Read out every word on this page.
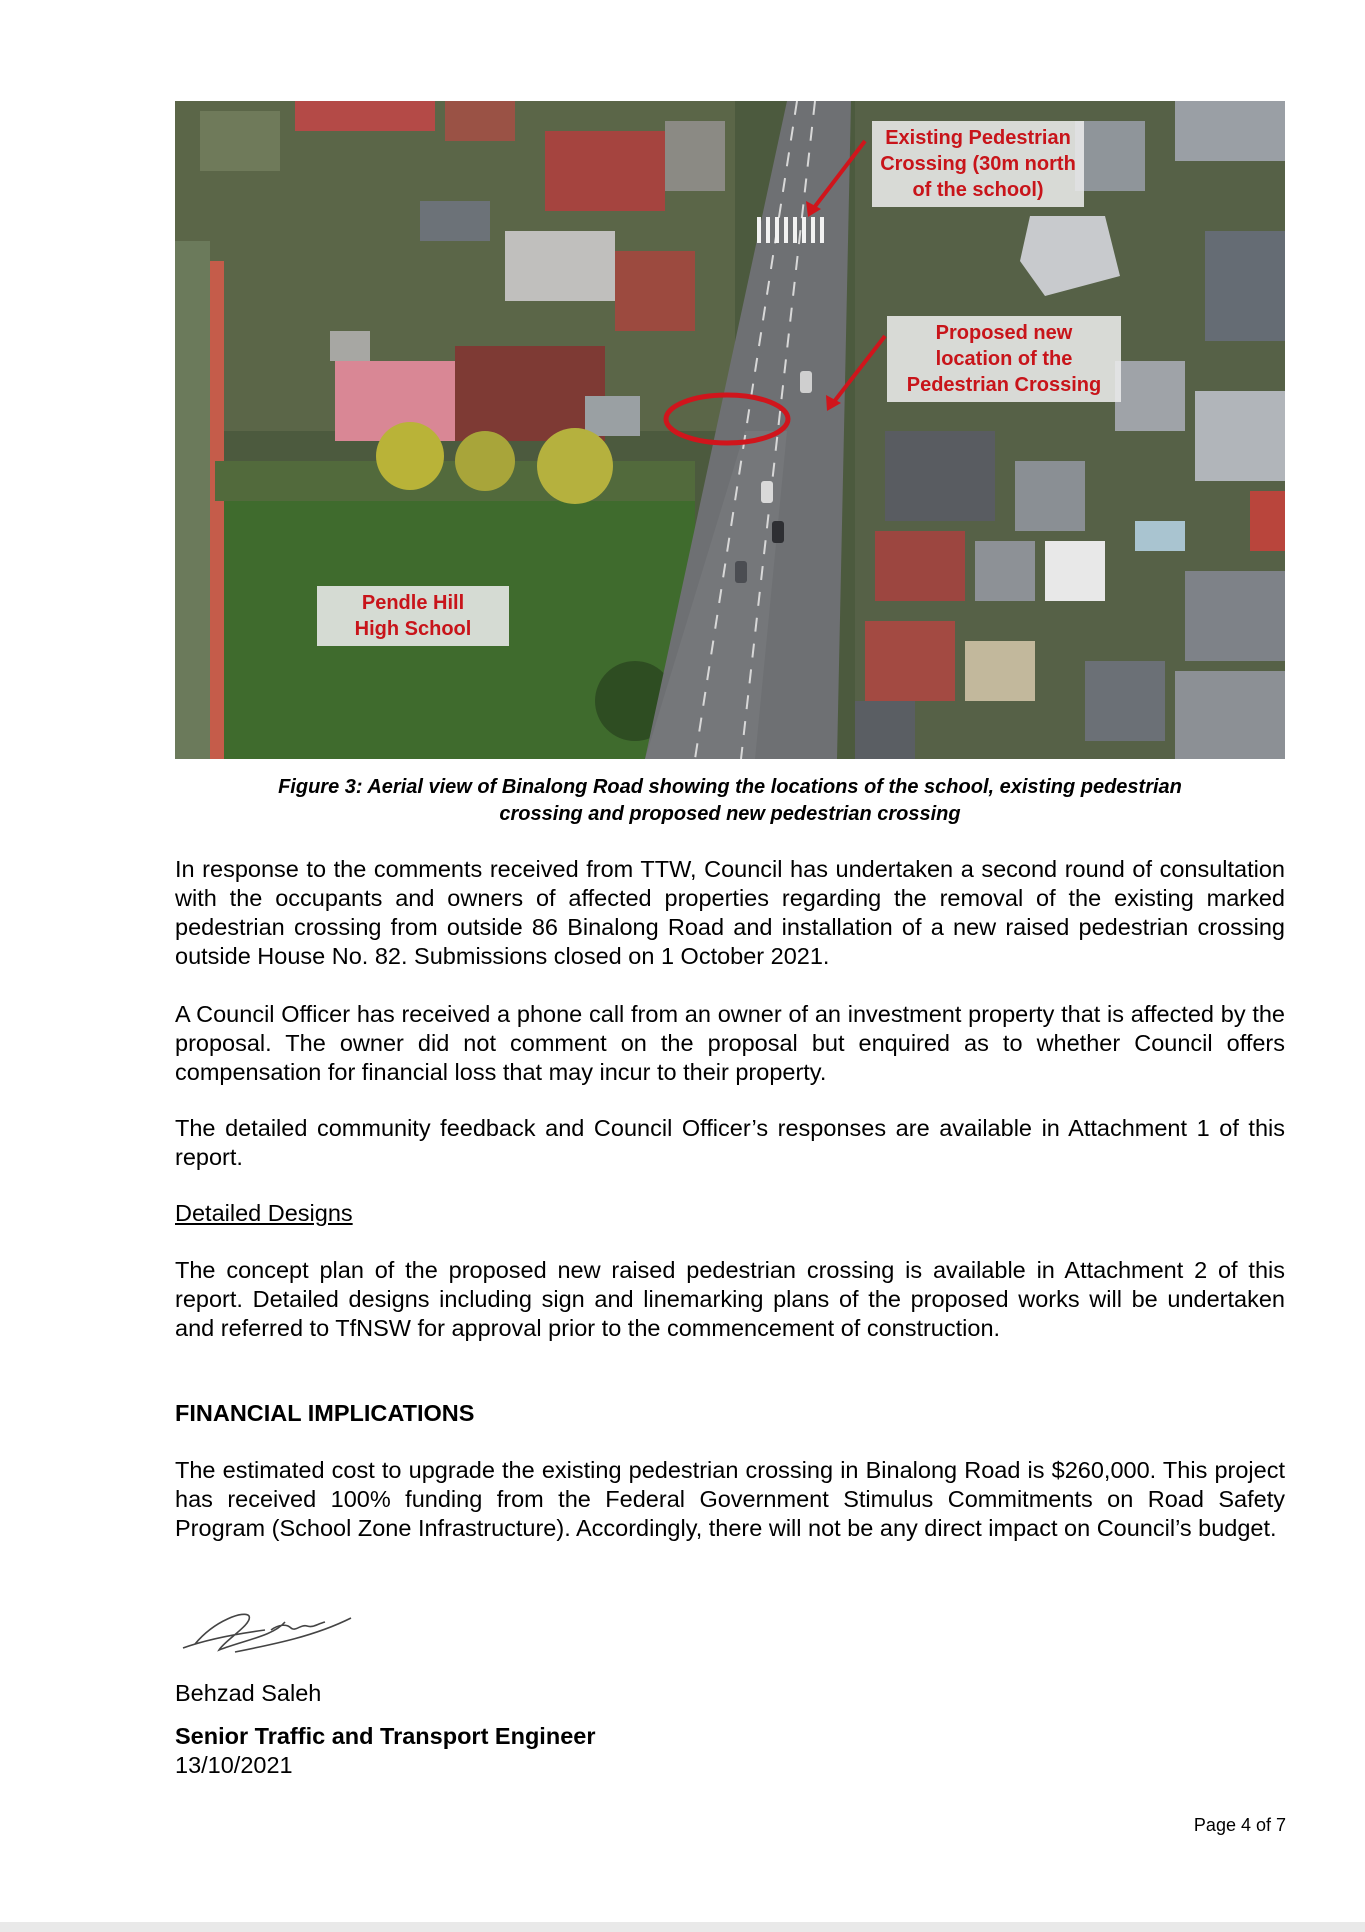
Existing Pedestrian
Crossing (30m north
of the school)
Proposed new
location of the
Pedestrian Crossing
Pendle Hill
High School
Figure 3: Aerial view of Binalong Road showing the locations of the school, existing pedestrian
crossing and proposed new pedestrian crossing

In response to the comments received from TTW, Council has undertaken a second round of consultation with the occupants and owners of affected properties regarding the removal of the existing marked pedestrian crossing from outside 86 Binalong Road and installation of a new raised pedestrian crossing outside House No. 82. Submissions closed on 1 October 2021.

A Council Officer has received a phone call from an owner of an investment property that is affected by the proposal. The owner did not comment on the proposal but enquired as to whether Council offers compensation for financial loss that may incur to their property.

The detailed community feedback and Council Officer’s responses are available in Attachment 1 of this report.

Detailed Designs

The concept plan of the proposed new raised pedestrian crossing is available in Attachment 2 of this report. Detailed designs including sign and linemarking plans of the proposed works will be undertaken and referred to TfNSW for approval prior to the commencement of construction.

FINANCIAL IMPLICATIONS

The estimated cost to upgrade the existing pedestrian crossing in Binalong Road is $260,000. This project has received 100% funding from the Federal Government Stimulus Commitments on Road Safety Program (School Zone Infrastructure). Accordingly, there will not be any direct impact on Council’s budget.

Behzad Saleh
Senior Traffic and Transport Engineer
13/10/2021
Page 4 of 7
